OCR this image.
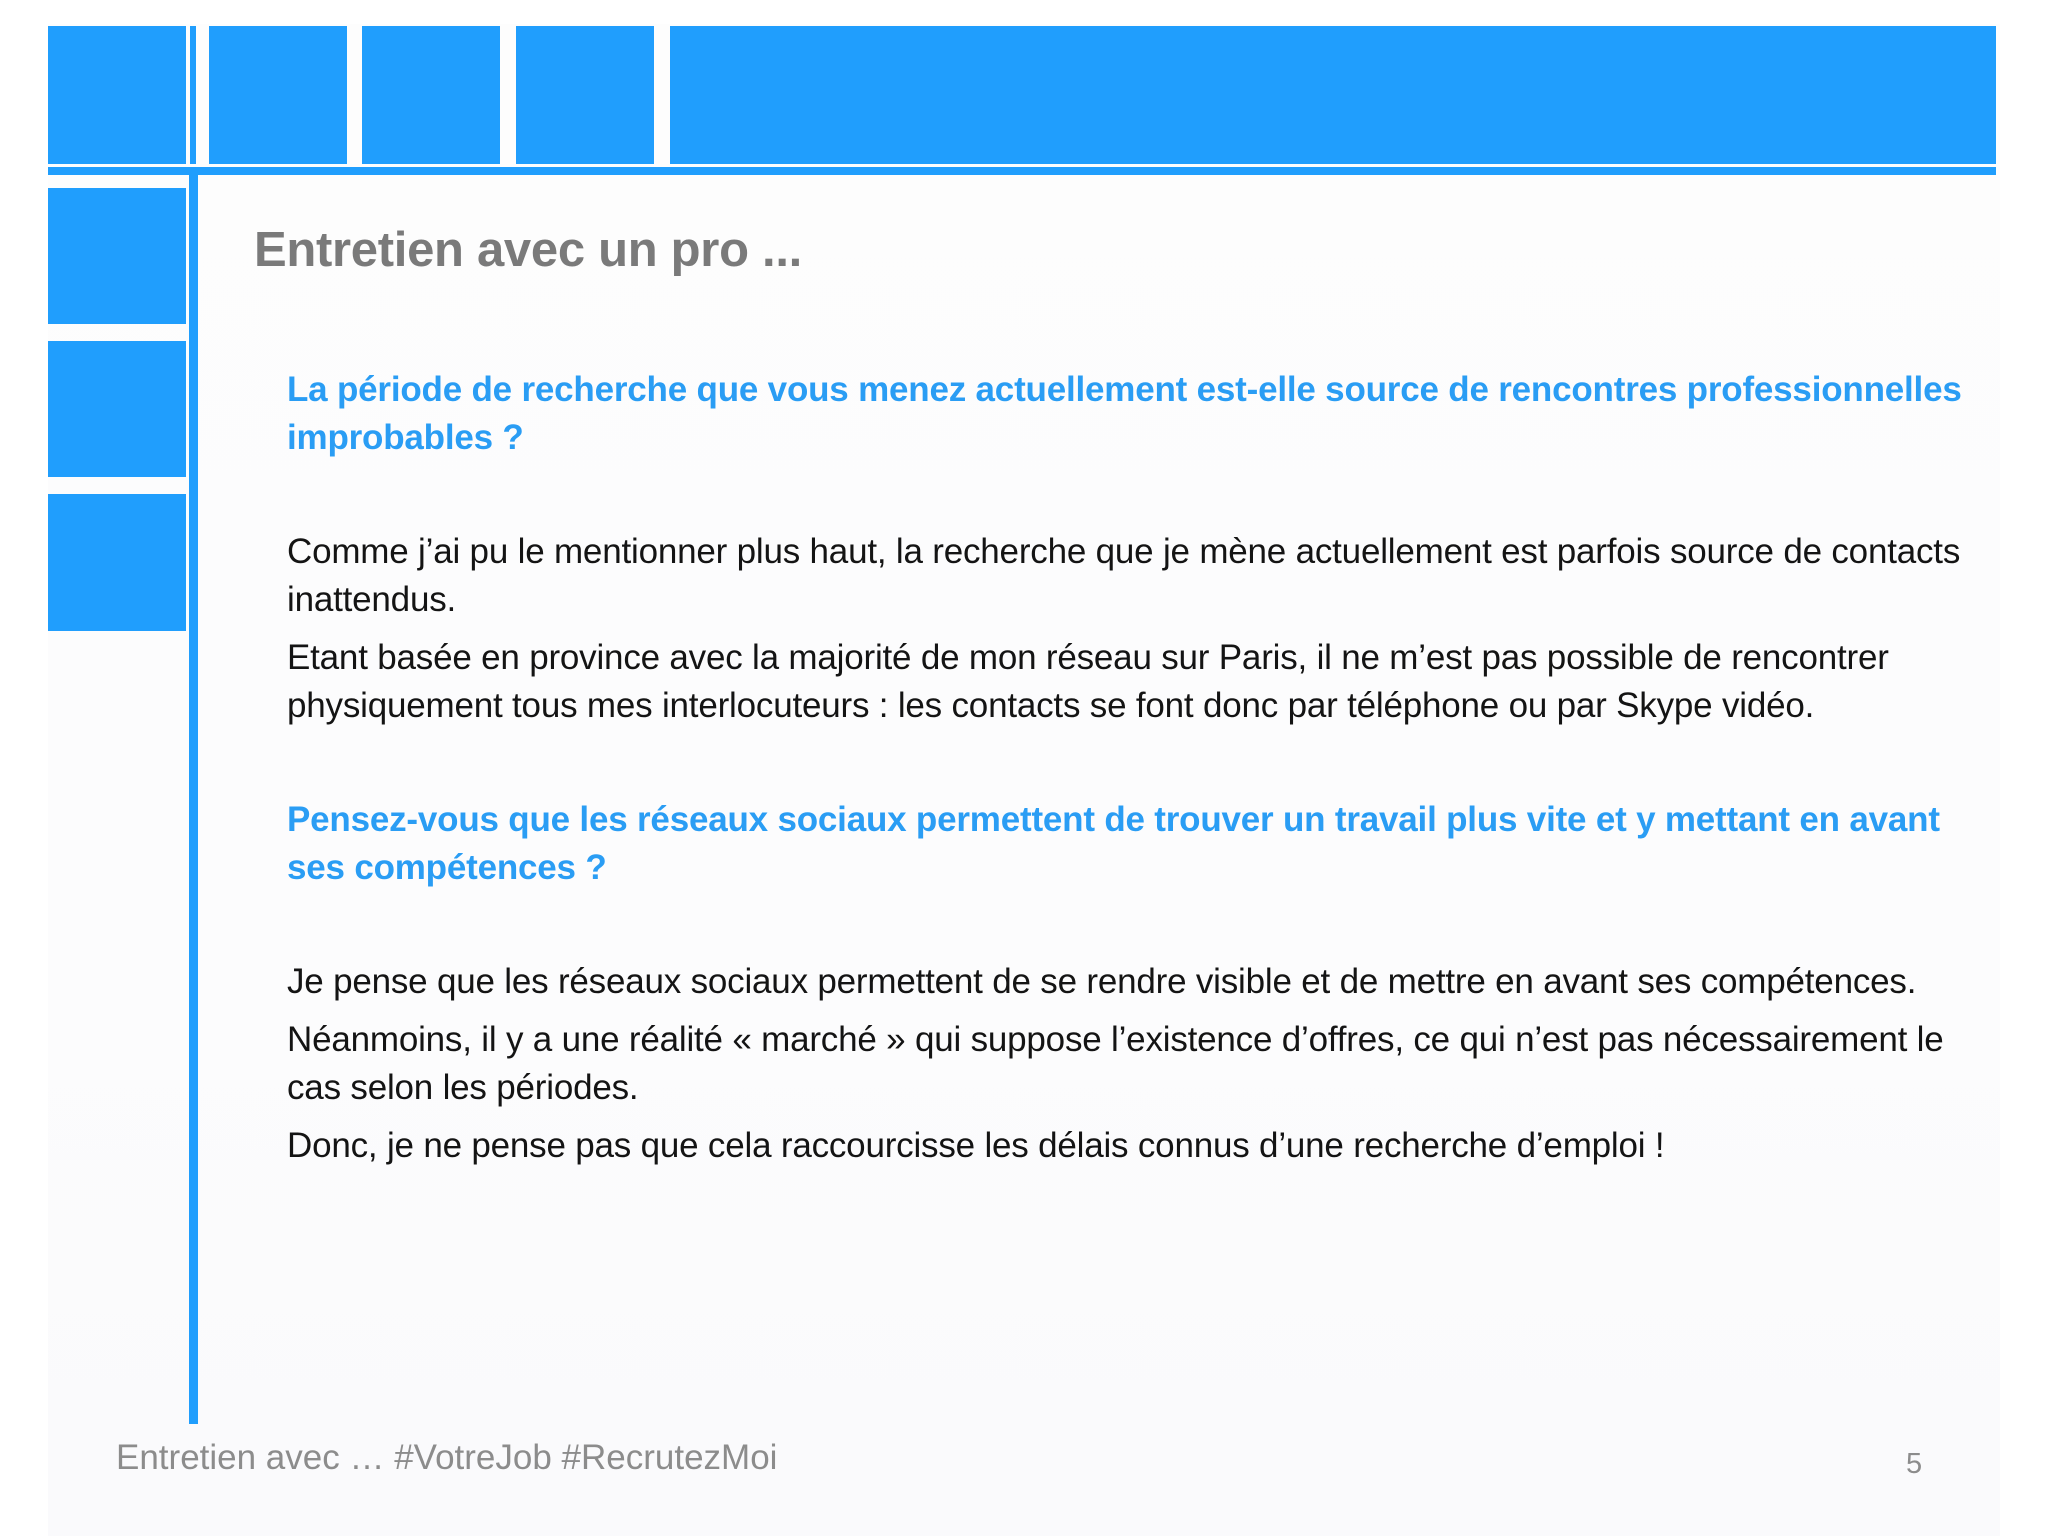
Entretien avec un pro ...

La période de recherche que vous menez actuellement est-elle source de rencontres professionnelles improbables ?

Comme j’ai pu le mentionner plus haut, la recherche que je mène actuellement est parfois source de contacts inattendus.

Etant basée en province avec la majorité de mon réseau sur Paris, il ne m’est pas possible de rencontrer physiquement tous mes interlocuteurs : les contacts se font donc par téléphone ou par Skype vidéo.

Pensez-vous que les réseaux sociaux permettent de trouver un travail plus vite et y mettant en avant ses compétences ?

Je pense que les réseaux sociaux permettent de se rendre visible et de mettre en avant ses compétences.

Néanmoins, il y a une réalité « marché » qui suppose l’existence d’offres, ce qui n’est pas nécessairement le cas selon les périodes.

Donc, je ne pense pas que cela raccourcisse les délais connus d’une recherche d’emploi !

Entretien avec … #VotreJob #RecrutezMoi	5
